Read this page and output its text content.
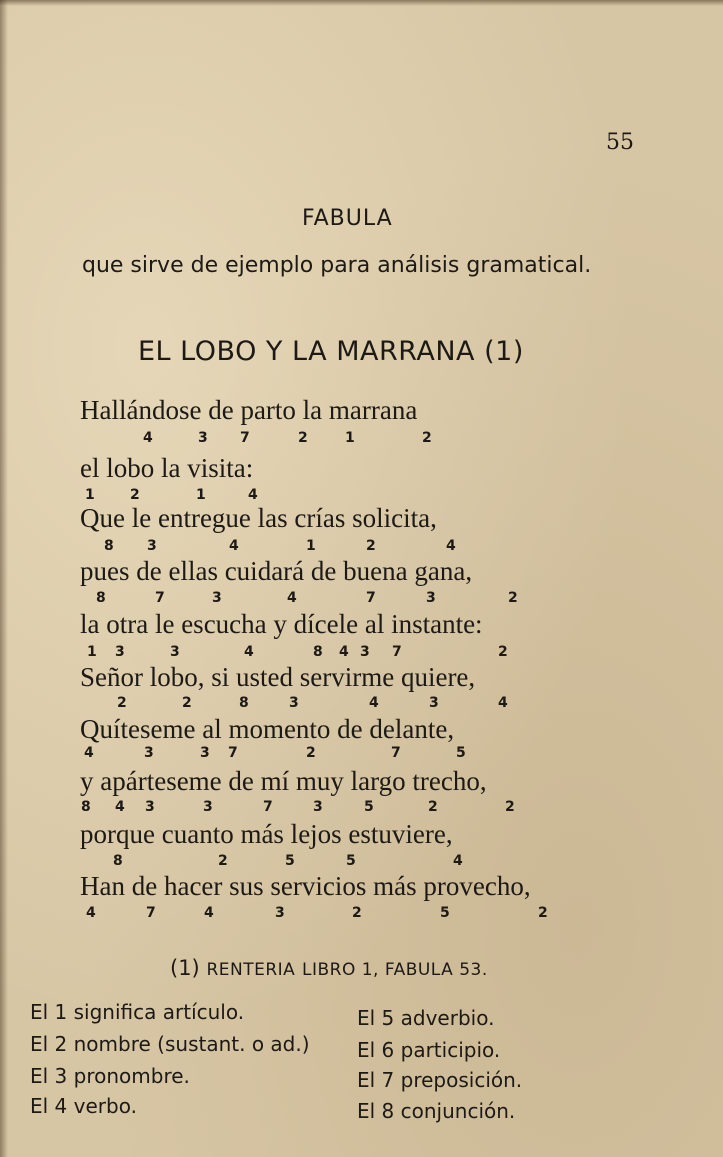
55
FABULA
que sirve de ejemplo para análisis gramatical.
EL LOBO Y LA MARRANA (1)
Hallándose de parto la marrana
4	3 7	2	1	2
el lobo la visita:
1	2	1	4
Que le entregue las crías solicita,
8 3	4	1	2	4
pues de ellas cuidará de buena gana,
8	7	3	4	7	3	2
la otra le escucha y dícele al instante:
1 3	3	4	8 4 3 7	2
Señor lobo, si usted servirme quiere,
2	2	8	3	4	3	4
Quíteseme al momento de delante,
4	3	3 7	2	7	5
y apárteseme de mí muy largo trecho,
8 4 3	3	7	3	5	2	2
porque cuanto más lejos estuviere,
8	2	5	5	4
Han de hacer sus servicios más provecho,
4	7	4	3	2	5	2
(1) RENTERIA LIBRO 1, FABULA 53.
El 1 significa artículo.
El 2 nombre (sustant. o ad.)
El 3 pronombre.
El 4 verbo.
El 5 adverbio.
El 6 participio.
El 7 preposición.
El 8 conjunción.
